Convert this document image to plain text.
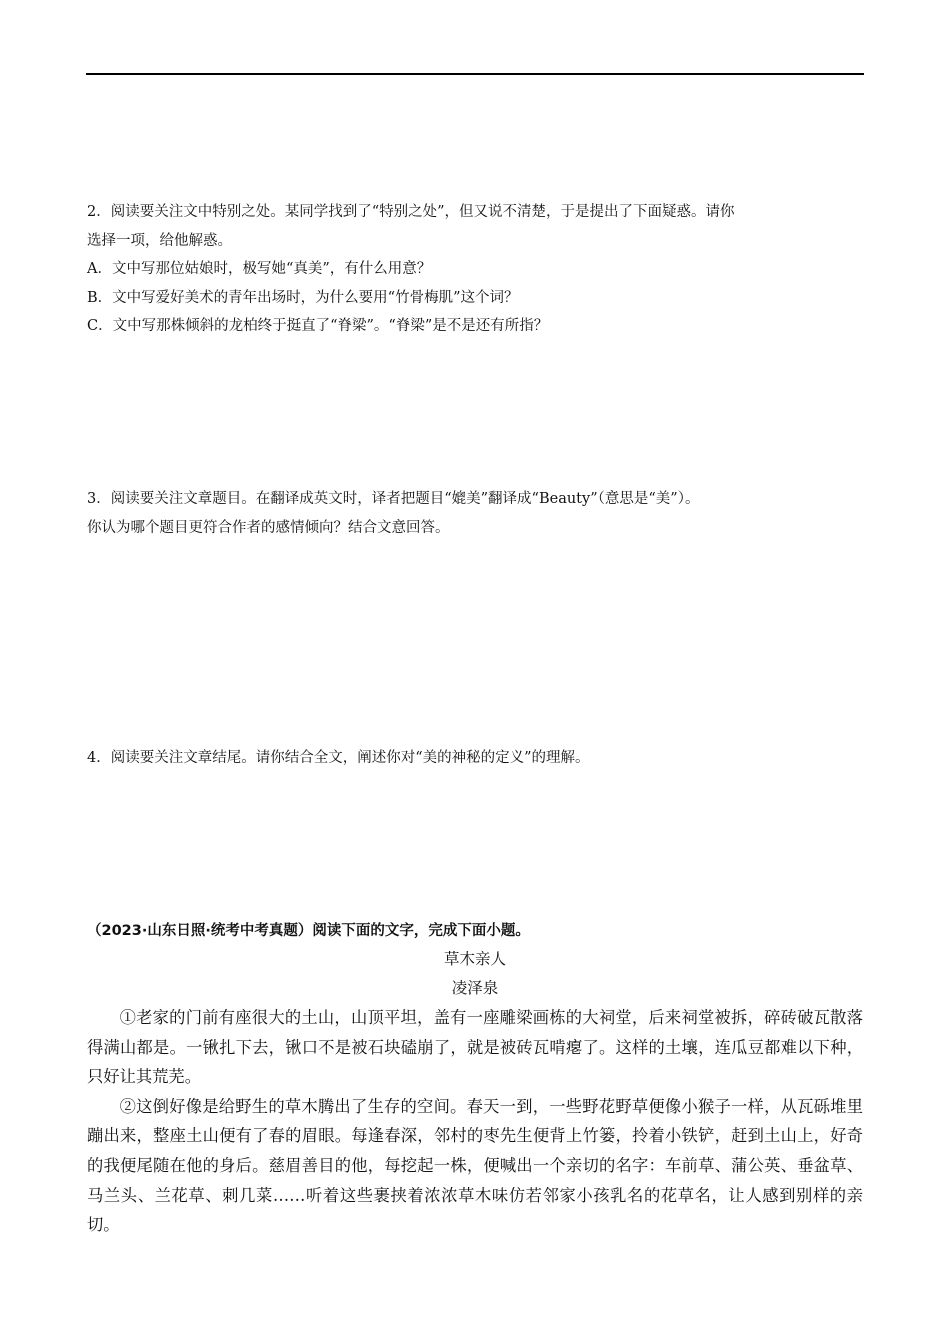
2．阅读要关注文中特别之处。某同学找到了“特别之处”，但又说不清楚，于是提出了下面疑惑。请你

选择一项，给他解惑。

A．文中写那位姑娘时，极写她“真美”，有什么用意？

B．文中写爱好美术的青年出场时，为什么要用“竹骨梅肌”这个词？

C．文中写那株倾斜的龙柏终于挺直了“脊梁”。“脊梁”是不是还有所指？

3．阅读要关注文章题目。在翻译成英文时，译者把题目“媲美”翻译成“Beauty”（意思是“美”）。

你认为哪个题目更符合作者的感情倾向？结合文意回答。

4．阅读要关注文章结尾。请你结合全文，阐述你对“美的神秘的定义”的理解。

（2023·山东日照·统考中考真题）阅读下面的文字，完成下面小题。
草木亲人
凌泽泉

①老家的门前有座很大的土山，山顶平坦，盖有一座雕梁画栋的大祠堂，后来祠堂被拆，碎砖破瓦散落得满山都是。一锹扎下去，锹口不是被石块磕崩了，就是被砖瓦啃瘪了。这样的土壤，连瓜豆都难以下种，只好让其荒芜。

②这倒好像是给野生的草木腾出了生存的空间。春天一到，一些野花野草便像小猴子一样，从瓦砾堆里蹦出来，整座土山便有了春的眉眼。每逢春深，邻村的枣先生便背上竹篓，拎着小铁铲，赶到土山上，好奇的我便尾随在他的身后。慈眉善目的他，每挖起一株，便喊出一个亲切的名字：车前草、蒲公英、垂盆草、马兰头、兰花草、刺几菜……听着这些裹挟着浓浓草木味仿若邻家小孩乳名的花草名，让人感到别样的亲切。
